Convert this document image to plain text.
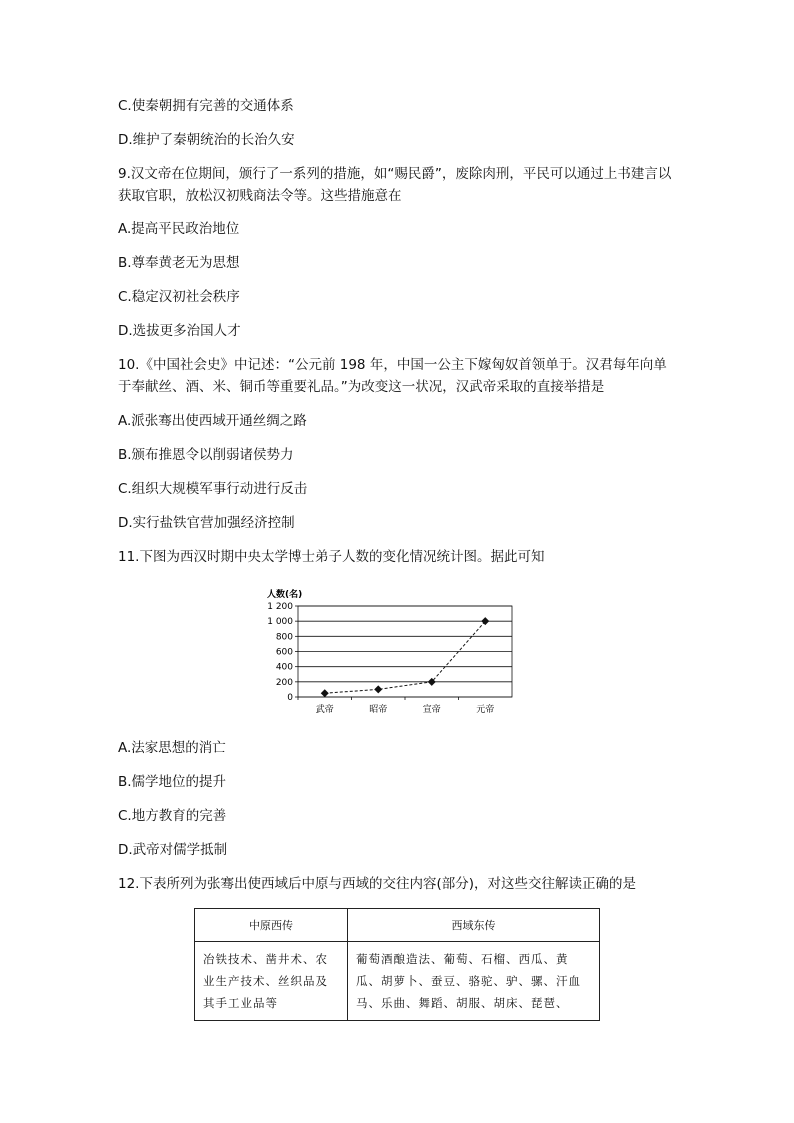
C.使秦朝拥有完善的交通体系
D.维护了秦朝统治的长治久安
9.汉文帝在位期间，颁行了一系列的措施，如“赐民爵”，废除肉刑，平民可以通过上书建言以获取官职，放松汉初贱商法令等。这些措施意在
A.提高平民政治地位
B.尊奉黄老无为思想
C.稳定汉初社会秩序
D.选拔更多治国人才
10.《中国社会史》中记述：“公元前 198 年，中国一公主下嫁匈奴首领单于。汉君每年向单于奉献丝、酒、米、铜币等重要礼品。”为改变这一状况，汉武帝采取的直接举措是
A.派张骞出使西域开通丝绸之路
B.颁布推恩令以削弱诸侯势力
C.组织大规模军事行动进行反击
D.实行盐铁官营加强经济控制
11.下图为西汉时期中央太学博士弟子人数的变化情况统计图。据此可知
0
200
400
600
800
1 000
1 200
武帝	昭帝	宣帝	元帝
人数(名)
A.法家思想的消亡
B.儒学地位的提升
C.地方教育的完善
D.武帝对儒学抵制
12.下表所列为张骞出使西域后中原与西域的交往内容(部分)，对这些交往解读正确的是
中原西传	西域东传
冶铁技术、凿井术、农业生产技术、丝织品及其手工业品等	葡萄酒酿造法、葡萄、石榴、西瓜、黄瓜、胡萝卜、蚕豆、骆驼、驴、骡、汗血马、乐曲、舞蹈、胡服、胡床、琵琶、
